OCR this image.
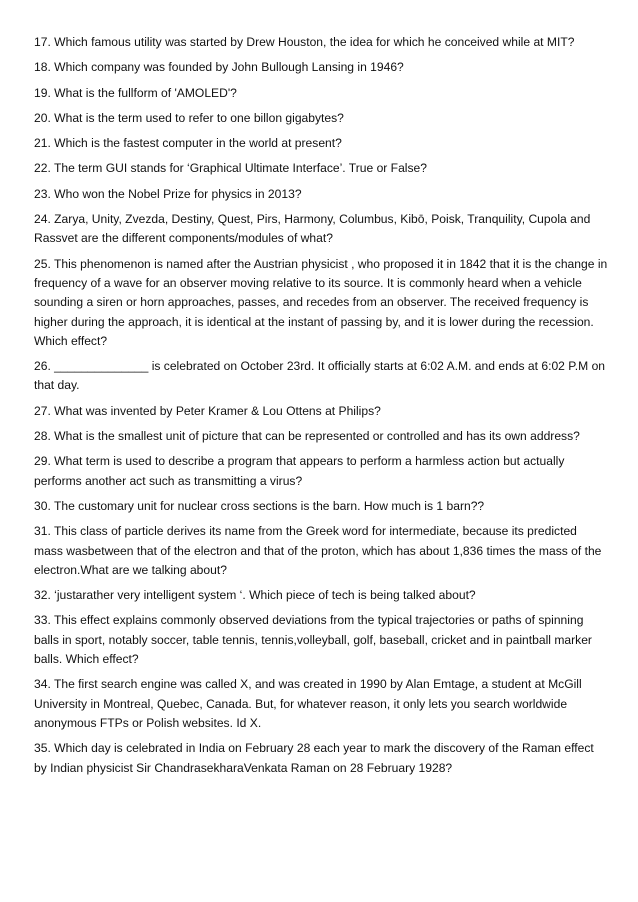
17. Which famous utility was started by Drew Houston, the idea for which he conceived while at MIT?

18. Which company was founded by John Bullough Lansing in 1946?

19. What is the fullform of 'AMOLED'?

20. What is the term used to refer to one billon gigabytes?

21. Which is the fastest computer in the world at present?

22. The term GUI stands for ‘Graphical Ultimate Interface’. True or False?

23. Who won the Nobel Prize for physics in 2013?

24. Zarya, Unity, Zvezda, Destiny, Quest, Pirs, Harmony, Columbus, Kibō, Poisk, Tranquility, Cupola and Rassvet are the different components/modules of what?

25. This phenomenon is named after the Austrian physicist , who proposed it in 1842 that it is the change in frequency of a wave for an observer moving relative to its source. It is commonly heard when a vehicle sounding a siren or horn approaches, passes, and recedes from an observer. The received frequency is higher during the approach, it is identical at the instant of passing by, and it is lower during the recession. Which effect?

26. ______________ is celebrated on October 23rd. It officially starts at 6:02 A.M. and ends at 6:02 P.M on that day.

27. What was invented by Peter Kramer & Lou Ottens at Philips?

28. What is the smallest unit of picture that can be represented or controlled and has its own address?

29. What term is used to describe a program that appears to perform a harmless action but actually performs another act such as transmitting a virus?

30. The customary unit for nuclear cross sections is the barn. How much is 1 barn??

31. This class of particle derives its name from the Greek word for intermediate, because its predicted mass wasbetween that of the electron and that of the proton, which has about 1,836 times the mass of the electron.What are we talking about?

32. ‘justarather very intelligent system ‘. Which piece of tech is being talked about?

33. This effect explains commonly observed deviations from the typical trajectories or paths of spinning balls in sport, notably soccer, table tennis, tennis,volleyball, golf, baseball, cricket and in paintball marker balls. Which effect?

34. The first search engine was called X, and was created in 1990 by Alan Emtage, a student at McGill University in Montreal, Quebec, Canada. But, for whatever reason, it only lets you search worldwide anonymous FTPs or Polish websites. Id X.

35. Which day is celebrated in India on February 28 each year to mark the discovery of the Raman effect by Indian physicist Sir ChandrasekharaVenkata Raman on 28 February 1928?
